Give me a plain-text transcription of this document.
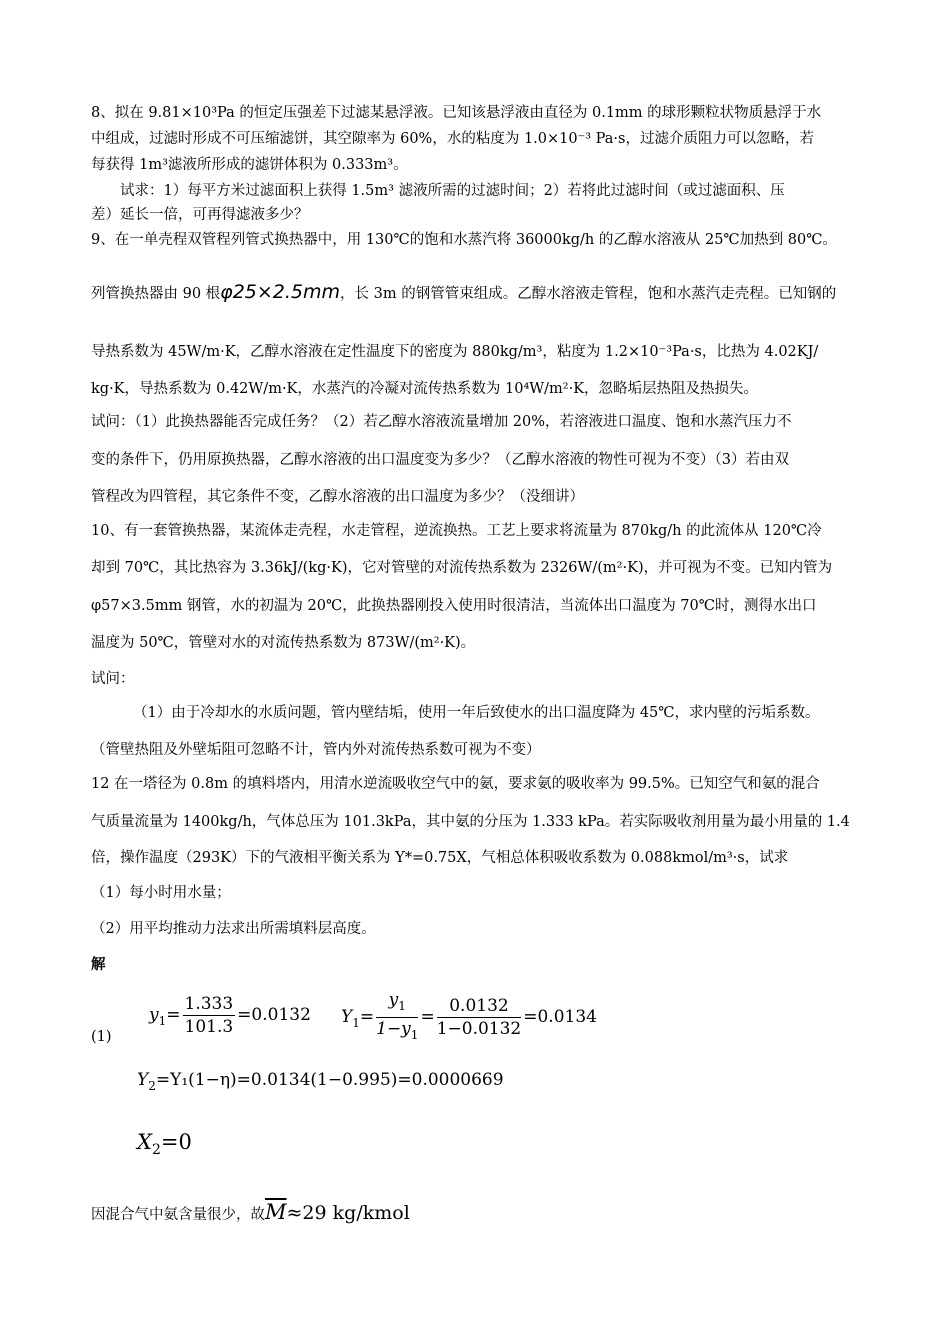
8、拟在 9.81×10³Pa 的恒定压强差下过滤某悬浮液。已知该悬浮液由直径为 0.1mm 的球形颗粒状物质悬浮于水
中组成，过滤时形成不可压缩滤饼，其空隙率为 60%，水的粘度为 1.0×10⁻³ Pa·s，过滤介质阻力可以忽略，若
每获得 1m³滤液所形成的滤饼体积为 0.333m³。
试求：1）每平方米过滤面积上获得 1.5m³ 滤液所需的过滤时间；2）若将此过滤时间（或过滤面积、压
差）延长一倍，可再得滤液多少？
9、在一单壳程双管程列管式换热器中，用 130℃的饱和水蒸汽将 36000kg/h 的乙醇水溶液从 25℃加热到 80℃。
列管换热器由 90 根φ25×2.5mm，长 3m 的钢管管束组成。乙醇水溶液走管程，饱和水蒸汽走壳程。已知钢的
导热系数为 45W/m·K，乙醇水溶液在定性温度下的密度为 880kg/m³，粘度为 1.2×10⁻³Pa·s，比热为 4.02KJ/
kg·K，导热系数为 0.42W/m·K，水蒸汽的冷凝对流传热系数为 10⁴W/m²·K，忽略垢层热阻及热损失。
试问：（1）此换热器能否完成任务？（2）若乙醇水溶液流量增加 20%，若溶液进口温度、饱和水蒸汽压力不
变的条件下，仍用原换热器，乙醇水溶液的出口温度变为多少？（乙醇水溶液的物性可视为不变）（3）若由双
管程改为四管程，其它条件不变，乙醇水溶液的出口温度为多少？（没细讲）
10、有一套管换热器，某流体走壳程，水走管程，逆流换热。工艺上要求将流量为 870kg/h 的此流体从 120℃冷
却到 70℃，其比热容为 3.36kJ/(kg·K)，它对管壁的对流传热系数为 2326W/(m²·K)，并可视为不变。已知内管为
φ57×3.5mm 钢管，水的初温为 20℃，此换热器刚投入使用时很清洁，当流体出口温度为 70℃时，测得水出口
温度为 50℃，管壁对水的对流传热系数为 873W/(m²·K)。
试问：
（1）由于冷却水的水质问题，管内壁结垢，使用一年后致使水的出口温度降为 45℃，求内壁的污垢系数。
（管壁热阻及外壁垢阻可忽略不计，管内外对流传热系数可视为不变）
12 在一塔径为 0.8m 的填料塔内，用清水逆流吸收空气中的氨，要求氨的吸收率为 99.5%。已知空气和氨的混合
气质量流量为 1400kg/h，气体总压为 101.3kPa，其中氨的分压为 1.333 kPa。若实际吸收剂用量为最小用量的 1.4
倍，操作温度（293K）下的气液相平衡关系为 Y*=0.75X，气相总体积吸收系数为 0.088kmol/m³·s，试求
（1）每小时用水量；
（2）用平均推动力法求出所需填料层高度。
解
(1)
$y_1= \frac{1.333}{101.3} =0.0132$ $Y_1= \frac{y_1}{1-y_1} = \frac{0.0132}{1-0.0132} =0.0134$
$Y_2=Y_1(1-\eta)=0.0134(1-0.995)=0.0000669$
$X_2=0$
因混合气中氨含量很少，故$\overline{M}\approx 29$ kg/kmol
